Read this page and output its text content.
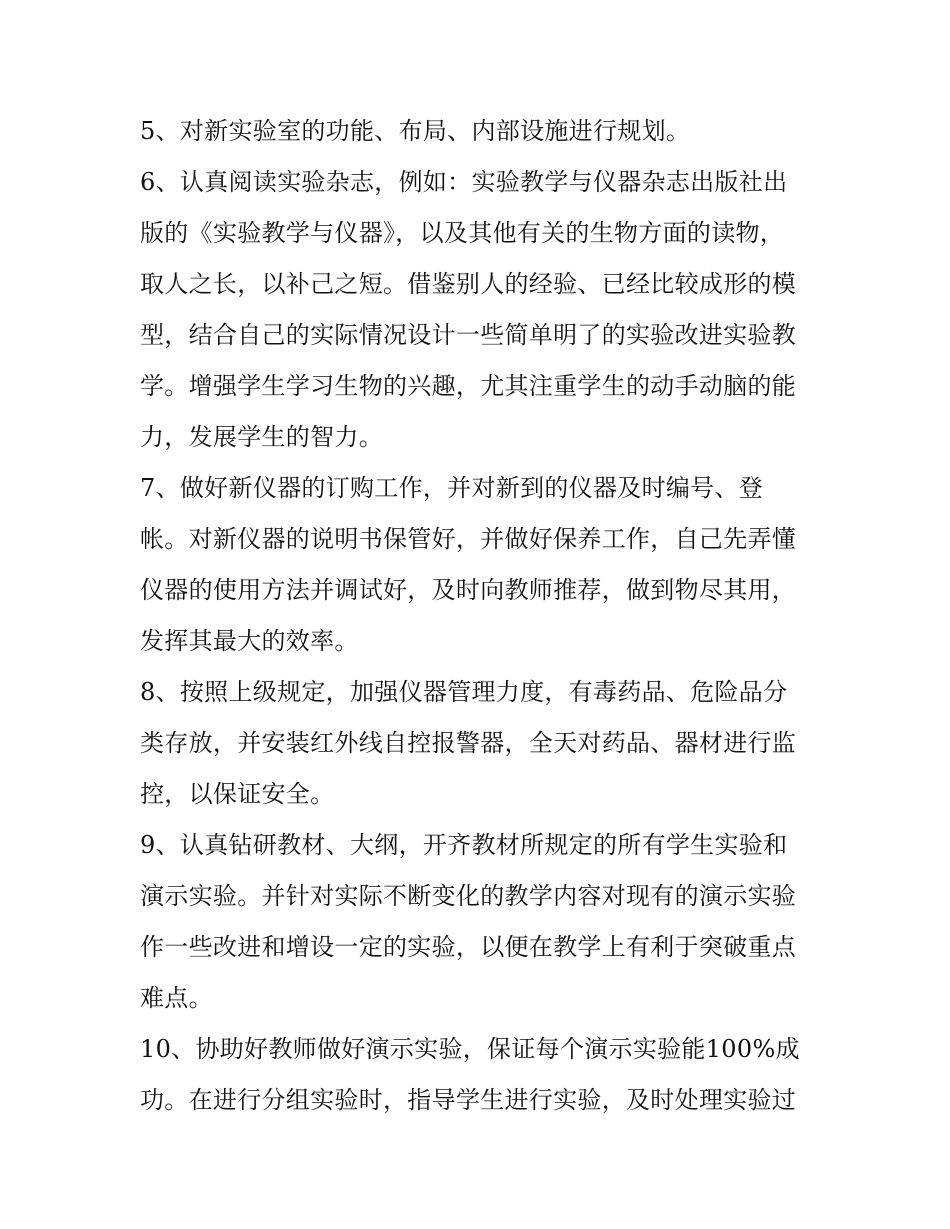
5、对新实验室的功能、布局、内部设施进行规划。
6、认真阅读实验杂志，例如：实验教学与仪器杂志出版社出
版的《实验教学与仪器》，以及其他有关的生物方面的读物，
取人之长，以补己之短。借鉴别人的经验、已经比较成形的模
型，结合自己的实际情况设计一些简单明了的实验改进实验教
学。增强学生学习生物的兴趣，尤其注重学生的动手动脑的能
力，发展学生的智力。
7、做好新仪器的订购工作，并对新到的仪器及时编号、登
帐。对新仪器的说明书保管好，并做好保养工作，自己先弄懂
仪器的使用方法并调试好，及时向教师推荐，做到物尽其用，
发挥其最大的效率。
8、按照上级规定，加强仪器管理力度，有毒药品、危险品分
类存放，并安装红外线自控报警器，全天对药品、器材进行监
控，以保证安全。
9、认真钻研教材、大纲，开齐教材所规定的所有学生实验和
演示实验。并针对实际不断变化的教学内容对现有的演示实验
作一些改进和增设一定的实验，以便在教学上有利于突破重点
难点。
10、协助好教师做好演示实验，保证每个演示实验能100%成
功。在进行分组实验时，指导学生进行实验，及时处理实验过
